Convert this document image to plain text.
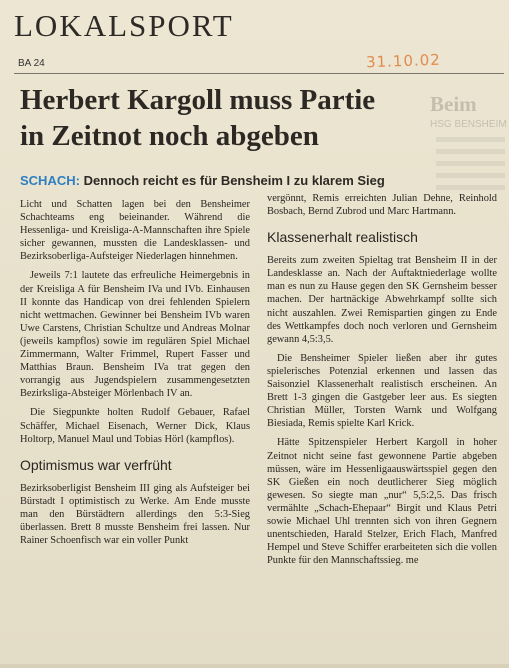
LOKALSPORT
BA 24	31.10.02
Beim
HSG BENSHEIM
Herbert Kargoll muss Partie
in Zeitnot noch abgeben
SCHACH: Dennoch reicht es für Bensheim I zu klarem Sieg

Licht und Schatten lagen bei den Bensheimer Schachteams eng beieinander. Während die Hessenliga- und Kreisliga-A-Mannschaften ihre Spiele sicher gewannen, mussten die Landesklassen- und Bezirksoberliga-Aufsteiger Niederlagen hinnehmen.

Jeweils 7:1 lautete das erfreuliche Heimergebnis in der Kreisliga A für Bensheim IVa und IVb. Einhausen II konnte das Handicap von drei fehlenden Spielern nicht wettmachen. Gewinner bei Bensheim IVb waren Uwe Carstens, Christian Schultze und Andreas Molnar (jeweils kampflos) sowie im regulären Spiel Michael Zimmermann, Walter Frimmel, Rupert Fasser und Matthias Braun. Bensheim IVa trat gegen den vorrangig aus Jugendspielern zusammengesetzten Bezirksliga-Absteiger Mörlenbach IV an.

Die Siegpunkte holten Rudolf Gebauer, Rafael Schäffer, Michael Eisenach, Werner Dick, Klaus Holtorp, Manuel Maul und Tobias Hörl (kampflos).

Optimismus war verfrüht

Bezirksoberligist Bensheim III ging als Aufsteiger bei Bürstadt I optimistisch zu Werke. Am Ende musste man den Bürstädtern allerdings den 5:3-Sieg überlassen. Brett 8 musste Bensheim frei lassen. Nur Rainer Schoenfisch war ein voller Punkt

vergönnt, Remis erreichten Julian Dehne, Reinhold Bosbach, Bernd Zubrod und Marc Hartmann.

Klassenerhalt realistisch

Bereits zum zweiten Spieltag trat Bensheim II in der Landesklasse an. Nach der Auftaktniederlage wollte man es nun zu Hause gegen den SK Gernsheim besser machen. Der hartnäckige Abwehrkampf sollte sich nicht auszahlen. Zwei Remispartien gingen zu Ende des Wettkampfes doch noch verloren und Gernsheim gewann 4,5:3,5.

Die Bensheimer Spieler ließen aber ihr gutes spielerisches Potenzial erkennen und lassen das Saisonziel Klassenerhalt realistisch erscheinen. An Brett 1-3 gingen die Gastgeber leer aus. Es siegten Christian Müller, Torsten Warnk und Wolfgang Biesiada, Remis spielte Karl Krick.

Hätte Spitzenspieler Herbert Kargoll in hoher Zeitnot nicht seine fast gewonnene Partie abgeben müssen, wäre im Hessenligaauswärtsspiel gegen den SK Gießen ein noch deutlicherer Sieg möglich gewesen. So siegte man „nur“ 5,5:2,5. Das frisch vermählte „Schach-Ehepaar“ Birgit und Klaus Petri sowie Michael Uhl trennten sich von ihren Gegnern unentschieden, Harald Stelzer, Erich Flach, Manfred Hempel und Steve Schiffer erarbeiteten sich die vollen Punkte für den Mannschaftssieg. me
